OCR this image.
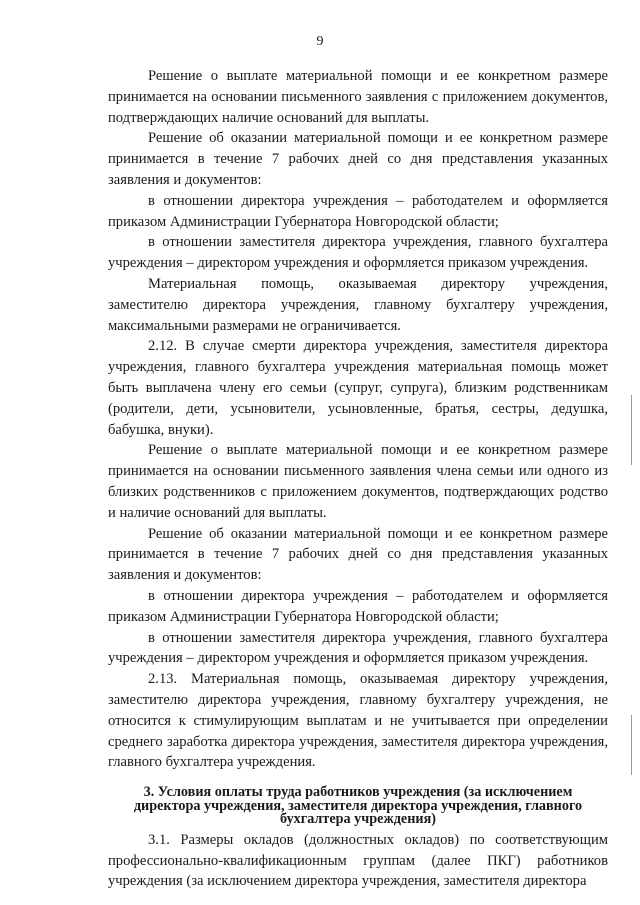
9

Решение о выплате материальной помощи и ее конкретном размере принимается на основании письменного заявления с приложением документов, подтверждающих наличие оснований для выплаты.

Решение об оказании материальной помощи и ее конкретном размере принимается в течение 7 рабочих дней со дня представления указанных заявления и документов:

в отношении директора учреждения – работодателем и оформляется приказом Администрации Губернатора Новгородской области;

в отношении заместителя директора учреждения, главного бухгалтера учреждения – директором учреждения и оформляется приказом учреждения.

Материальная помощь, оказываемая директору учреждения, заместителю директора учреждения, главному бухгалтеру учреждения, максимальными размерами не ограничивается.

2.12. В случае смерти директора учреждения, заместителя директора учреждения, главного бухгалтера учреждения материальная помощь может быть выплачена члену его семьи (супруг, супруга), близким родственникам (родители, дети, усыновители, усыновленные, братья, сестры, дедушка, бабушка, внуки).

Решение о выплате материальной помощи и ее конкретном размере принимается на основании письменного заявления члена семьи или одного из близких родственников с приложением документов, подтверждающих родство и наличие оснований для выплаты.

Решение об оказании материальной помощи и ее конкретном размере принимается в течение 7 рабочих дней со дня представления указанных заявления и документов:

в отношении директора учреждения – работодателем и оформляется приказом Администрации Губернатора Новгородской области;

в отношении заместителя директора учреждения, главного бухгалтера учреждения – директором учреждения и оформляется приказом учреждения.

2.13. Материальная помощь, оказываемая директору учреждения, заместителю директора учреждения, главному бухгалтеру учреждения, не относится к стимулирующим выплатам и не учитывается при определении среднего заработка директора учреждения, заместителя директора учреждения, главного бухгалтера учреждения.

3. Условия оплаты труда работников учреждения (за исключением директора учреждения, заместителя директора учреждения, главного бухгалтера учреждения)

3.1. Размеры окладов (должностных окладов) по соответствующим профессионально-квалификационным группам (далее ПКГ) работников учреждения (за исключением директора учреждения, заместителя директора
